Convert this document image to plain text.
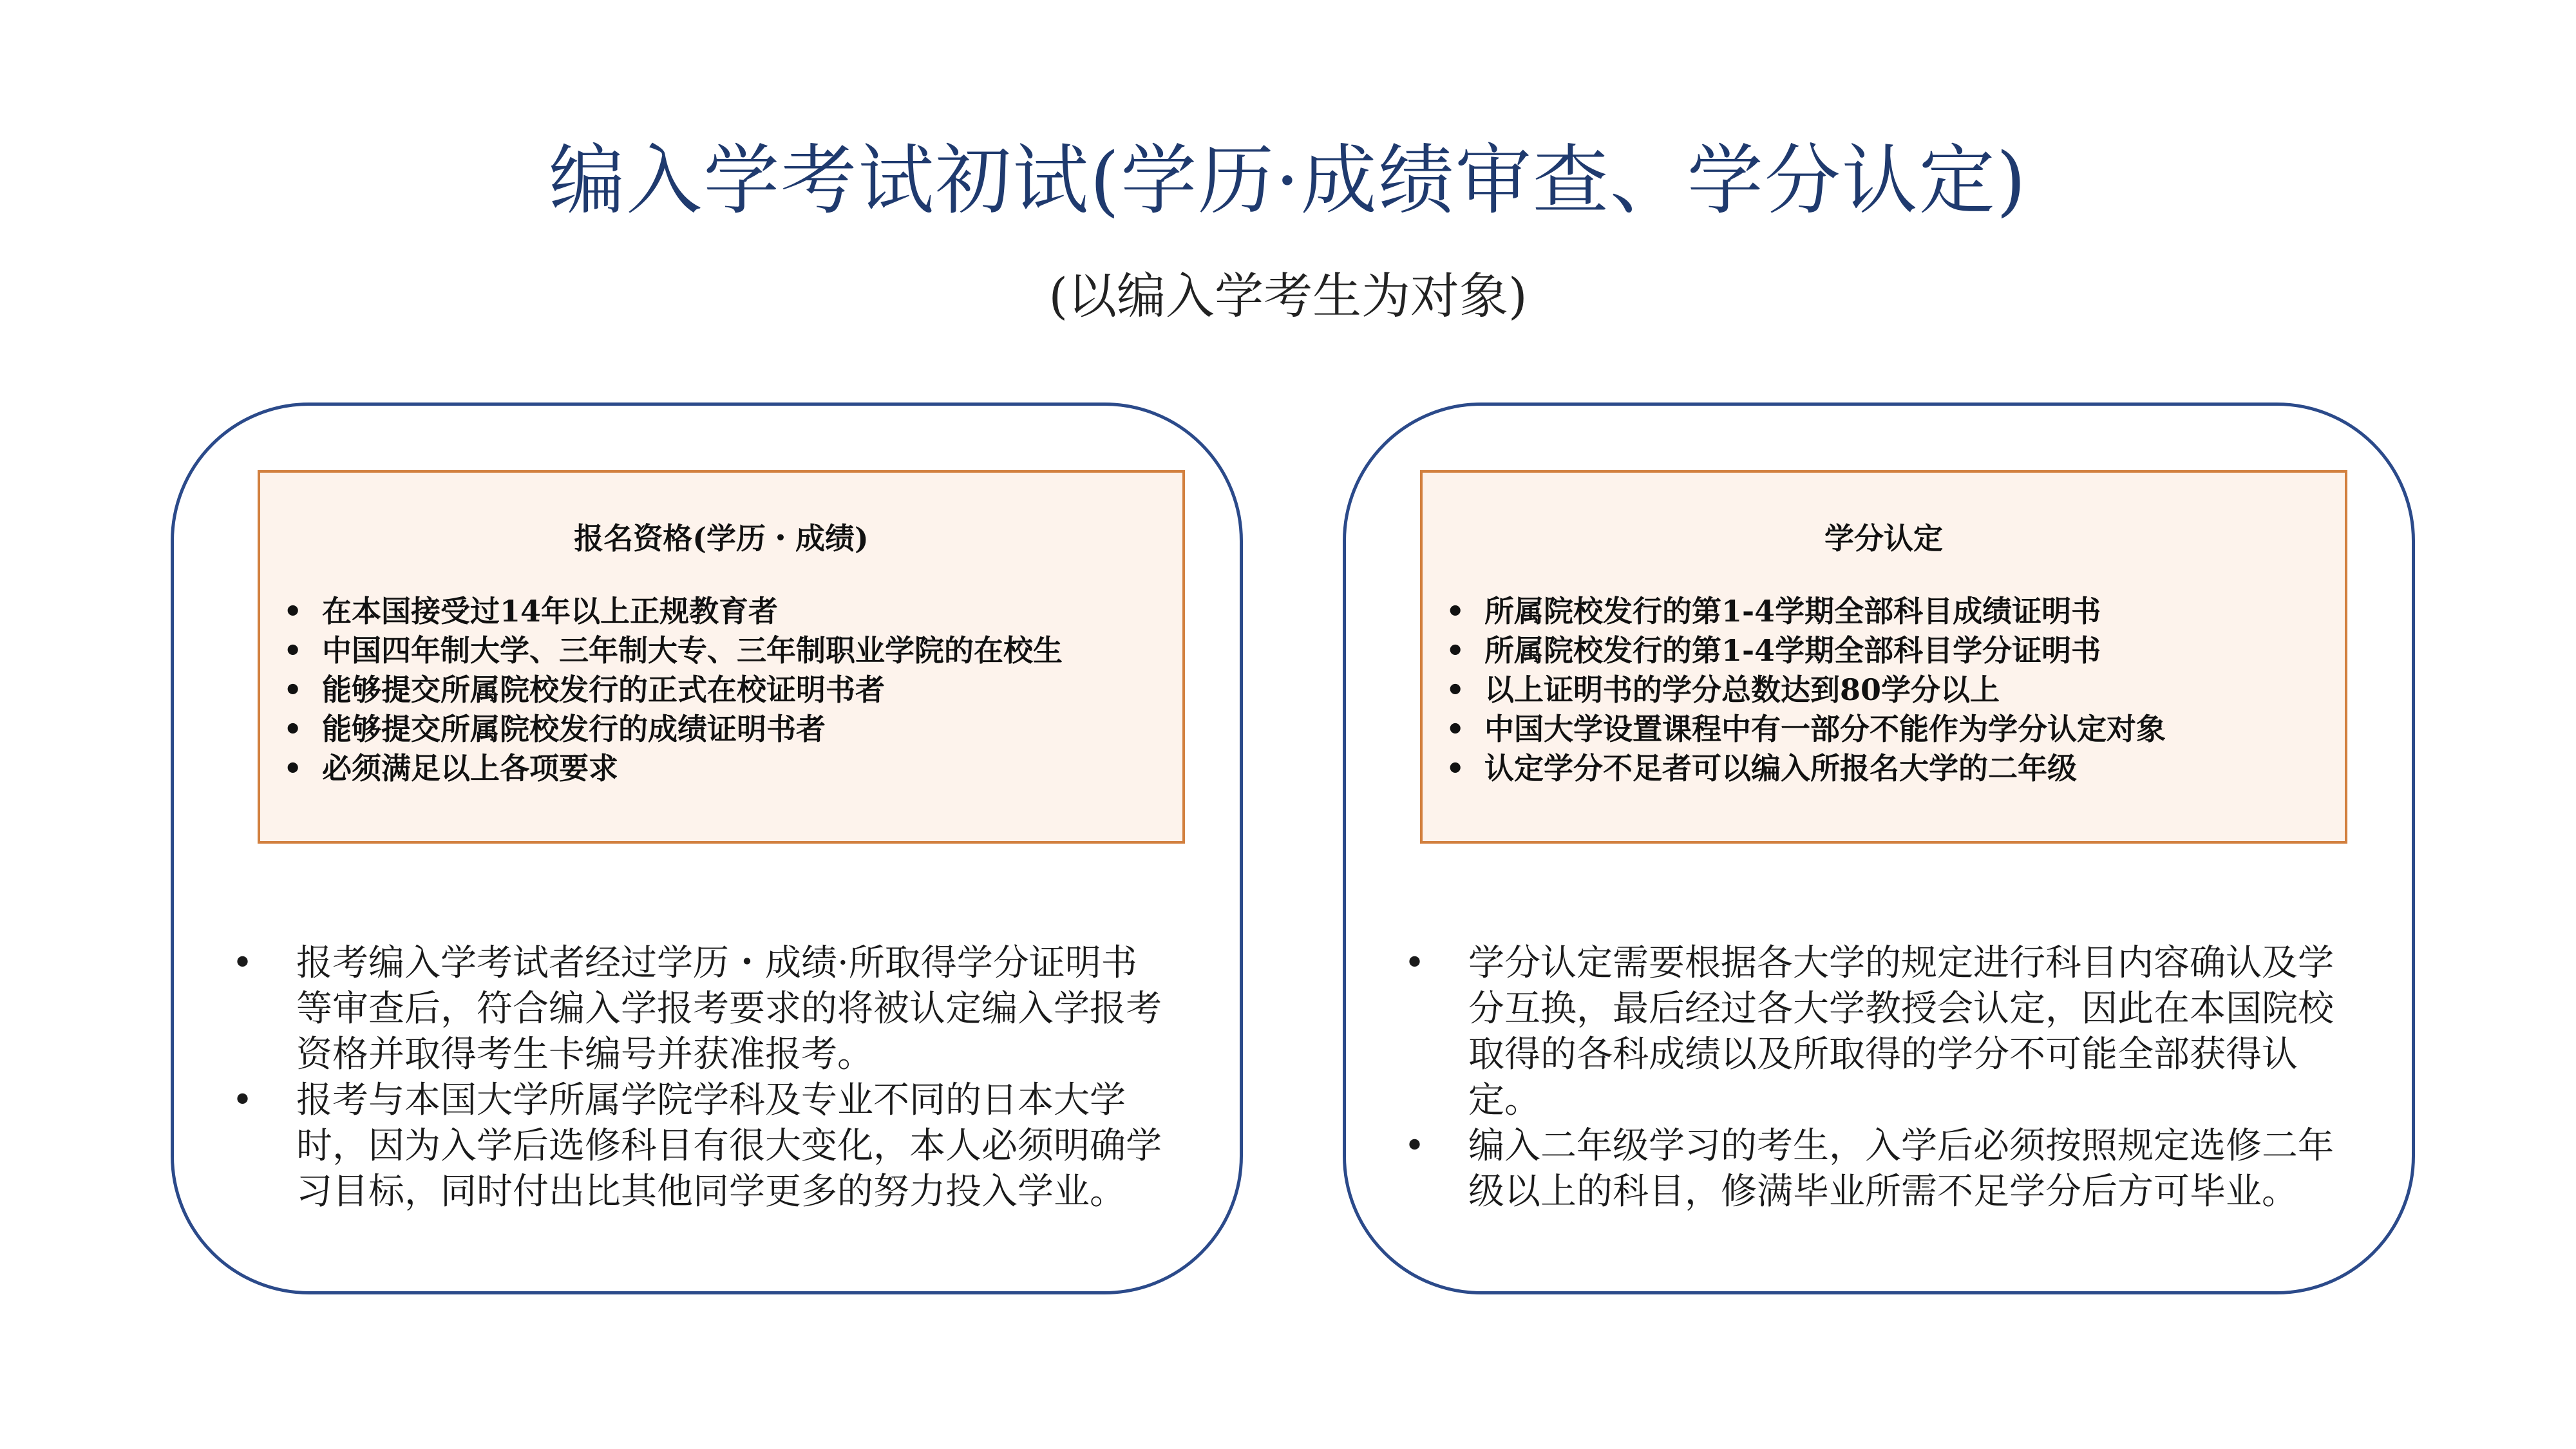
编入学考试初试(学历·成绩审查、学分认定)
(以编入学考生为对象)
报名资格(学历・成绩)
• 在本国接受过14年以上正规教育者
• 中国四年制大学、三年制大专、三年制职业学院的在校生
• 能够提交所属院校发行的正式在校证明书者
• 能够提交所属院校发行的成绩证明书者
• 必须满足以上各项要求
• 报考编入学考试者经过学历・成绩·所取得学分证明书等审查后，符合编入学报考要求的将被认定编入学报考资格并取得考生卡编号并获准报考。
• 报考与本国大学所属学院学科及专业不同的日本大学时，因为入学后选修科目有很大变化，本人必须明确学习目标，同时付出比其他同学更多的努力投入学业。
学分认定
• 所属院校发行的第1-4学期全部科目成绩证明书
• 所属院校发行的第1-4学期全部科目学分证明书
• 以上证明书的学分总数达到80学分以上
• 中国大学设置课程中有一部分不能作为学分认定对象
• 认定学分不足者可以编入所报名大学的二年级
• 学分认定需要根据各大学的规定进行科目内容确认及学分互换，最后经过各大学教授会认定，因此在本国院校取得的各科成绩以及所取得的学分不可能全部获得认定。
• 编入二年级学习的考生，入学后必须按照规定选修二年级以上的科目，修满毕业所需不足学分后方可毕业。
